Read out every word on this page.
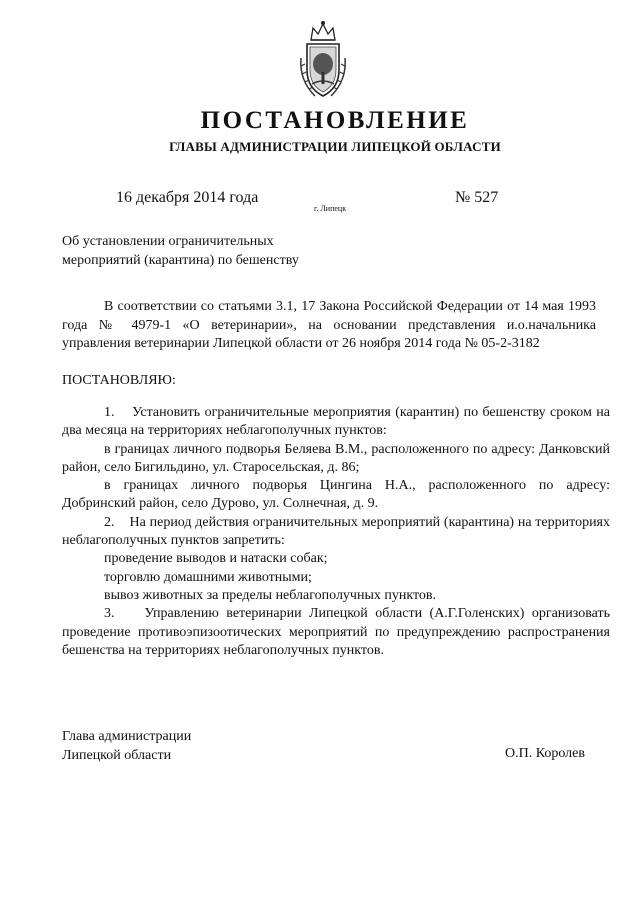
ПОСТАНОВЛЕНИЕ
ГЛАВЫ АДМИНИСТРАЦИИ ЛИПЕЦКОЙ ОБЛАСТИ
16 декабря 2014 года
г. Липецк
№ 527
Об установлении ограничительных
мероприятий (карантина) по бешенству
В соответствии со статьями 3.1, 17 Закона Российской Федерации от 14 мая 1993 года № 4979-1 «О ветеринарии», на основании представления и.о.начальника управления ветеринарии Липецкой области от 26 ноября 2014 года № 05-2-3182
ПОСТАНОВЛЯЮ:

1.    Установить ограничительные мероприятия (карантин) по бешенству сроком на два месяца на территориях неблагополучных пунктов:

в границах личного подворья Беляева В.М., расположенного по адресу: Данковский район, село Бигильдино, ул. Старосельская, д. 86;

в границах личного подворья Цингина Н.А., расположенного по адресу: Добринский район, село Дурово, ул. Солнечная, д. 9.

2.    На период действия ограничительных мероприятий (карантина) на территориях неблагополучных пунктов запретить:

проведение выводов и натаски собак;

торговлю домашними животными;

вывоз животных за пределы неблагополучных пунктов.

3.    Управлению ветеринарии Липецкой области (А.Г.Голенских) организовать проведение противоэпизоотических мероприятий по предупреждению распространения бешенства на территориях неблагополучных пунктов.

Глава администрации
Липецкой области	О.П. Королев
